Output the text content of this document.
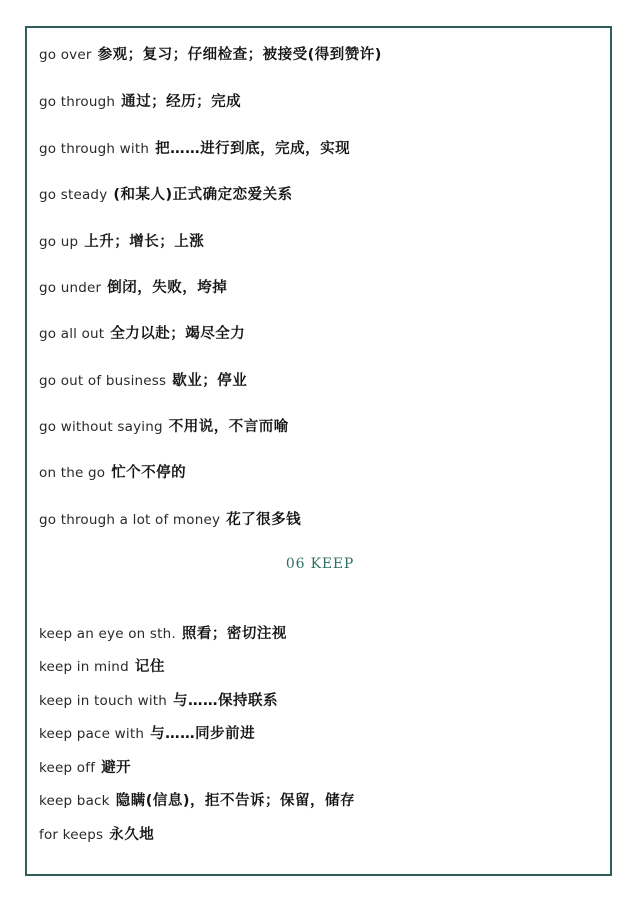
go over 参观；复习；仔细检查；被接受(得到赞许)
go through 通过；经历；完成
go through with 把……进行到底，完成，实现
go steady (和某人)正式确定恋爱关系
go up 上升；增长；上涨
go under 倒闭，失败，垮掉
go all out 全力以赴；竭尽全力
go out of business 歇业；停业
go without saying 不用说，不言而喻
on the go 忙个不停的
go through a lot of money 花了很多钱
06 KEEP
keep an eye on sth. 照看；密切注视
keep in mind 记住
keep in touch with 与……保持联系
keep pace with 与……同步前进
keep off 避开
keep back 隐瞒(信息)，拒不告诉；保留，储存
for keeps 永久地
